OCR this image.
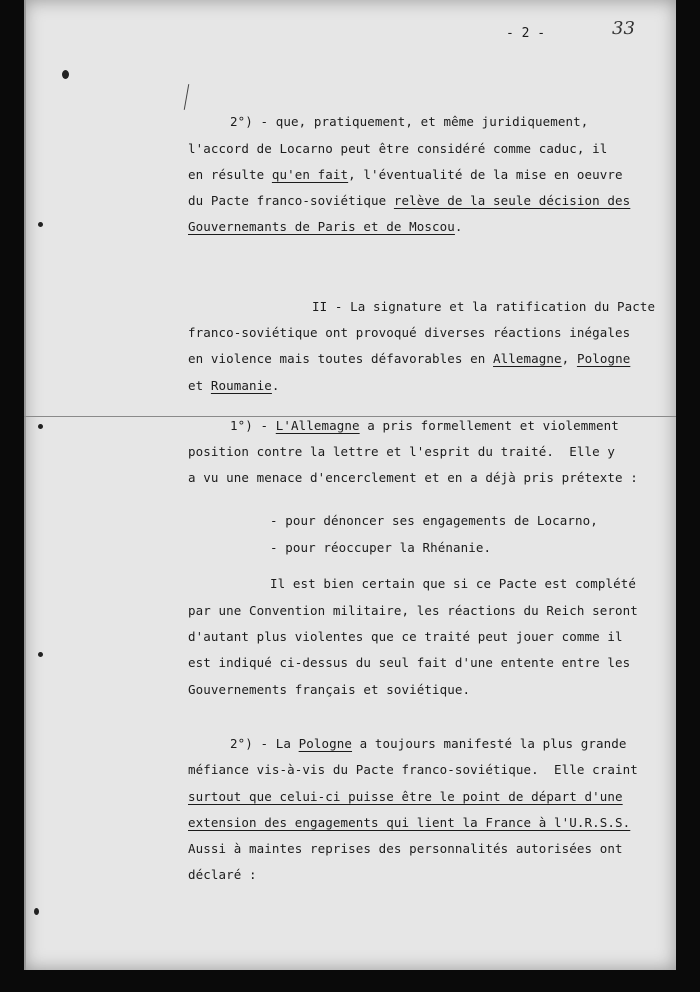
- 2 -	33
2°) - que, pratiquement, et même juridiquement,
l'accord de Locarno peut être considéré comme caduc, il
en résulte qu'en fait, l'éventualité de la mise en oeuvre
du Pacte franco-soviétique relève de la seule décision des
Gouvernemants de Paris et de Moscou.
II - La signature et la ratification du Pacte
franco-soviétique ont provoqué diverses réactions inégales
en violence mais toutes défavorables en Allemagne, Pologne
et Roumanie.
1°) - L'Allemagne a pris formellement et violemment
position contre la lettre et l'esprit du traité.  Elle y
a vu une menace d'encerclement et en a déjà pris prétexte :
- pour dénoncer ses engagements de Locarno,
- pour réoccuper la Rhénanie.
Il est bien certain que si ce Pacte est complété
par une Convention militaire, les réactions du Reich seront
d'autant plus violentes que ce traité peut jouer comme il
est indiqué ci-dessus du seul fait d'une entente entre les
Gouvernements français et soviétique.
2°) - La Pologne a toujours manifesté la plus grande
méfiance vis-à-vis du Pacte franco-soviétique.  Elle craint
surtout que celui-ci puisse être le point de départ d'une
extension des engagements qui lient la France à l'U.R.S.S.
Aussi à maintes reprises des personnalités autorisées ont
déclaré :
